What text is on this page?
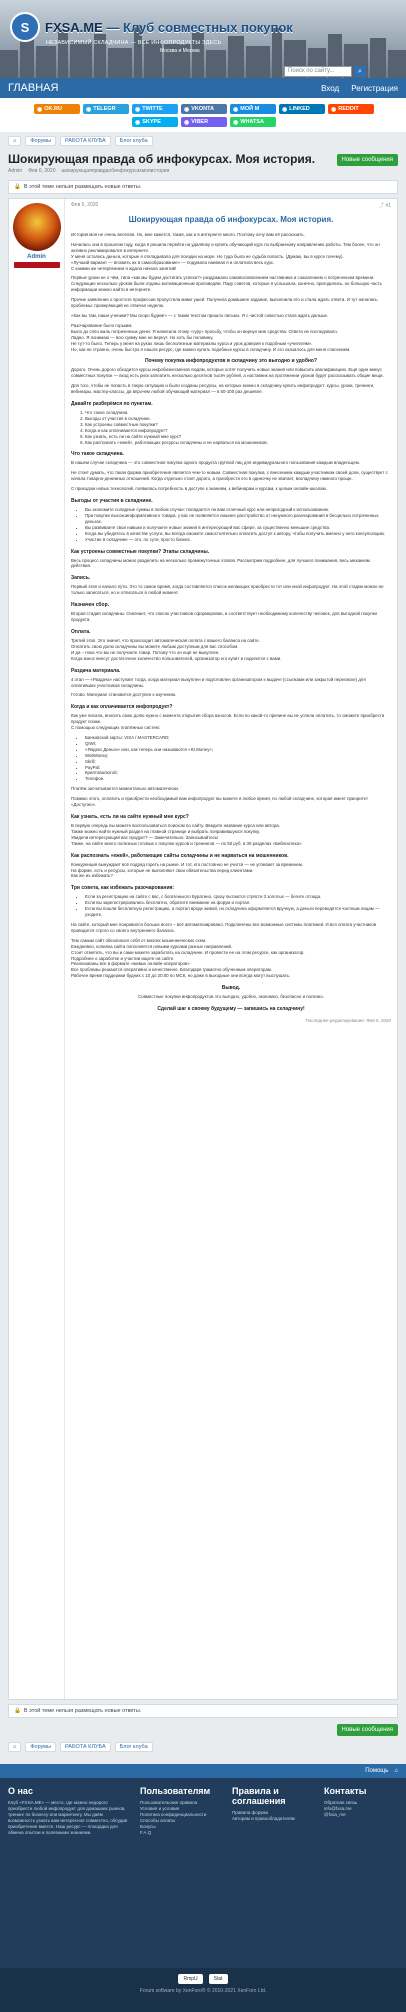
S	FXSA.ME — Клуб совместных покупок
НЕЗАВИСИМЫЙ СКЛАДЧИНА — ВСЕ ИНФОПРОДУКТЫ ЗДЕСЬ
Москва и Москва
Поиск по сайту...	⌕
ГЛАВНАЯ	Вход Регистрация
◉ OK.RU	◉ TELEGR	◉ TWITTE	◉ VKONTA	◉ МОЙ М	◉ LINKED	◉ REDDIT
◉ SKYPE	◉ VIBER	◉ WHATSA
⌂	Форумы	РАБОТА КЛУБА	Блог клуба
Шокирующая правда об инфокурсах. Моя история.	Новые сообщения
Admin Фев 6, 2020 шокирующаяправдаобинфокурсахмояистория
🔒 В этой теме нельзя размещать новые ответы.
Admin
Фев 6, 2020	⤴ #1
Шокирующая правда об инфокурсах. Моя история.

История моя не очень весёлая. Но, мне кажется, такая, как и в интернете много. Поэтому хочу вам её рассказать.

Началась она в прошлом году, когда я решила перейти на удалёнку и купить обучающий курс по выбранному направлению работы. Тем более, что он активно рекламировался в интернете.
У меня остались деньги, которые я откладывала для поездки на море. Но туда была не судьба попасть. (Думаю, вы в курсе почему).
«Лучший вариант — вложить их в самообразование» — подумала наивная я и оплатила весь курс.
С какими же нетерпением я ждала начала занятий!

Первые уроки не о чём, типа «как мы будем достигать успеха?» раздражали самовосхвалением наставника и сожалением о потраченном времени. Следующие несколько уроков были отданы мотивационным проповедям. Пару советов, которые я услышала, конечно, пригодились, но большую часть информации можно найти в интернете.

Прочие заявления о простоте профессии пропустила мимо ушей. Получила домашнее задание, выполнила его и стала ждать ответа. И тут начались проблемы: проверяющий не отвечал неделю.

«Как вы там, наши ученики? Мы скоро будем!» — с таким текстом пришло письмо. Я с чистой совестью стала ждать дальше.

Разочарование было горьким.
Было до слёз жаль потраченных денег. Я написала этому «гуру» просьбу, чтобы он вернул мне средства. Ответа не последовало.
Ладно. Я понимаю — всю сумму мне не вернут. Но хоть бы половину.
Не тут-то было. Теперь у меня на руках лишь бесполезные материалы курса и урок доверия к подобным «учителям».
Но, как не странно, очень быстро я нашла ресурс, где можно купить подобные курсы в складчину. И это оказалось для меня спасением.

Почему покупка инфопродуктов в складчину это выгодно и удобно?

Дорого. Очень дорого обходится курсы инфобизнесменов людям, которые хотят получить новые знания или повысить квалификацию. Ещё один минус совместных покупок — вход есть риск заплатить несколько десятков тысяч рублей, а наставник на протяжении уроков будет рассказывать общие вещи.

Для того, чтобы не попасть в такую ситуацию и были созданы ресурсы, на которых можно в складчину купить инфопродукт: курсы, уроки, тренинги, вебинары, мастер-классы, да впрочем любой обучающий материал — в 50-100 раз дешевле.

Давайте разберёмся по пунктам.
1. Что такое складчина.
2. Выгоды от участия в складчине.
3. Как устроены совместные покупки?
4. Когда и как оплачивается инфопродукт?
5. Как узнать, есть ли на сайте нужный мне курс?
6. Как распознать «ежей», работающих ресурсы складчины и не нарваться на мошенников.
Что такое складчина.

В нашем случае складчина — это совместная покупка одного продукта группой лиц для индивидуального пользования каждым владельцем.

Не стоит думать, что такая форма приобретения является чем-то новым. Совместная покупка, с внесением каждым участником своей доли, существует с начала товарно-денежных отношений. Когда отдельно стоит дорого, а приобрести его в одиночку не хватает, вскладчину намного проще.

С приходом новых технологий, появилась потребность в доступе к знаниям, к вебинарам и курсам, к целым онлайн-школам.

Выгоды от участия в складчине.
• Вы экономите солидные суммы в любом случае: попадается ли вам отличный курс или непригодный к использованию.
• При покупке высокоинформативного товара, у вас не появляется лишнее расстройство от ненужного разочарования в бесцельно потраченных деньгах.
• Вы развиваете свои навыки и получаете новые знания в интересующей вас сфере, за существенно меньшие средства.
• Когда вы убедитесь в качестве услуги, вы всегда сможете самостоятельно оплатить доступ к автору, чтобы получить именно у него консультацию.
• Участие в складчине — это, по сути, просто бизнес.
Как устроены совместные покупки? Этапы складчины.

Весь процесс складчины можно разделить на несколько промежуточных этапов. Рассмотрим подробнее, для лучшего понимания, весь механизм действия.

Запись.

Первый этап и начало пути. Это то самое время, когда составляется список желающих приобрести тот или иной инфопродукт. На этой стадии можно не только записаться, но и отписаться в любой момент.

Назначен сбор.

Вторая стадия складчины. Означает, что список участников сформирован, и соответствует необходимому количеству человек, для выгодной покупки продукта.

Оплата.

Третий этап. Это значит, что происходит автоматическая оплата с вашего баланса на сайте.
Оплатить свою долю складчины вы можете любым доступным для вас способом.
И да – пока что вы не получаете товар. Потому что он ещё не выкуплен.
Когда взнос внесут достаточное количество пользователей, организатор его купит и поделится с вами.

Раздача материала.

4 этап — «Раздача» наступает тогда, когда материал выкуплен и подготовлен организатором к выдаче (ссылками или закрытой переписке) для оплативших участников складчины.

Готово. Материал становится доступен к изучению.

Когда и как оплачивается инфопродукт?

Как уже писала, вносить свою долю нужно с момента открытия сбора взносов. Если по какой-то причине вы не успели оплатить, то сможете приобрести продукт позже.
С помощью следующих платёжных систем:

• Банковской карты: VISA / MASTERCARD;
• QIWI;
• «Яндекс.Деньги» или, как теперь они называются «Ю.Money»;
• WebMoney;
• Skrill;
• PayPal;
• Криптовалютой;
• Телефон.

Платёж засчитывается моментально автоматически.

Помимо этого, оплатить и приобрести необходимый вам инфопродукт вы можете в любое время, по любой складчине, которая имеет приоритет «Доступно».

Как узнать, есть ли на сайте нужный мне курс?

В первую очередь вы можете воспользоваться поиском по сайту. Введите название курса или автора.
Также можно найти нужный раздел на главной странице и выбрать понравившуюся покупку.
Увидели интересующий вас продукт? — Замечательно. Записывайтесь!
Также, на сайте много полезных готовых к покупке курсов и тренингов — по 50 руб. в 30 разделах «Библиотека».

Как распознать «ежей», работающие сайты складчины и не нарваться на мошенников.

Конкуренция вынуждает всё подряд гореть на рынке. И тот, кто постоянно не учится — не успевает за временем.
На форме, есть и ресурсы, которые не выполняют свои обязательства перед клиентами.
Как же их избежать?

Три совета, как избежать разочарования:
• Если за регистрацию на сайте с вас, с богатенького Буратино, сразу пытаются стрясти 3 золотых — бегите отсюда.
• Если вы зарегистрировались бесплатно, обратите внимание на форум и портал.
• Если вы пошли бесплатную регистрацию, а портал вроде живой, но складчина оформляется вручную, а деньги переводятся частным лицам — уходите.

На сайте, который мне понравился больше всего – всё автоматизировано. Подключены все возможные системы платежей. И вся оплата участников проводится строго со своего внутреннего баланса.

Тем самым сайт обезопасил себя от многих мошеннических схем.
Ежедневно, копилка сайта пополняется новыми курсами разных направлений.
Стоит отметить, что вы и сами можете заработать на складчине. И провести ее на этом ресурсе, как организатор.
Подробнее о заработке и участии ищите на сайте.
Реализованы все в формате «живых онлайн-операторов»
Все проблемы решаются оперативно и качественно. Благодаря грамотно обученным операторам.
Рабочее время поддержки будних с 10 до 20:00 по МСК, но даже в выходные они всегда могут выслушать.

Вывод.

Совместные покупки инфопродуктов это выгодно, удобно, экономно, безопасно и полезно.

Сделай шаг к своему будущему — запишись на складчину!
Последнее редактирование: Фев 6, 2020
🔒 В этой теме нельзя размещать новые ответы.
Новые сообщения
⌂	Форумы	РАБОТА КЛУБА	Блог клуба
Помощь ⌂
О нас

Клуб «FXSA.ME» — место, где можно недорого приобрести любой инфопродукт для домашних рынков, тренинг по бизнесу или маркетингу. Мы даём возможность узнать вам интересное совместно, обсудив приобретение вместе. Наш ресурс — площадка для обмена опытом и полезными знаниями.

Пользователям
Пользовательские правила
Условия и условия
Политика конфиденциальности
Способы оплаты
Бонусы
F.A.Q
Правила и соглашения
Правила форума
Авторам и правообладателям
Контакты
Обратная связь
info@fxsa.me
@fxsa_me
RmpU	Stat
Forum software by XenForo® © 2010-2021 XenForo Ltd.
